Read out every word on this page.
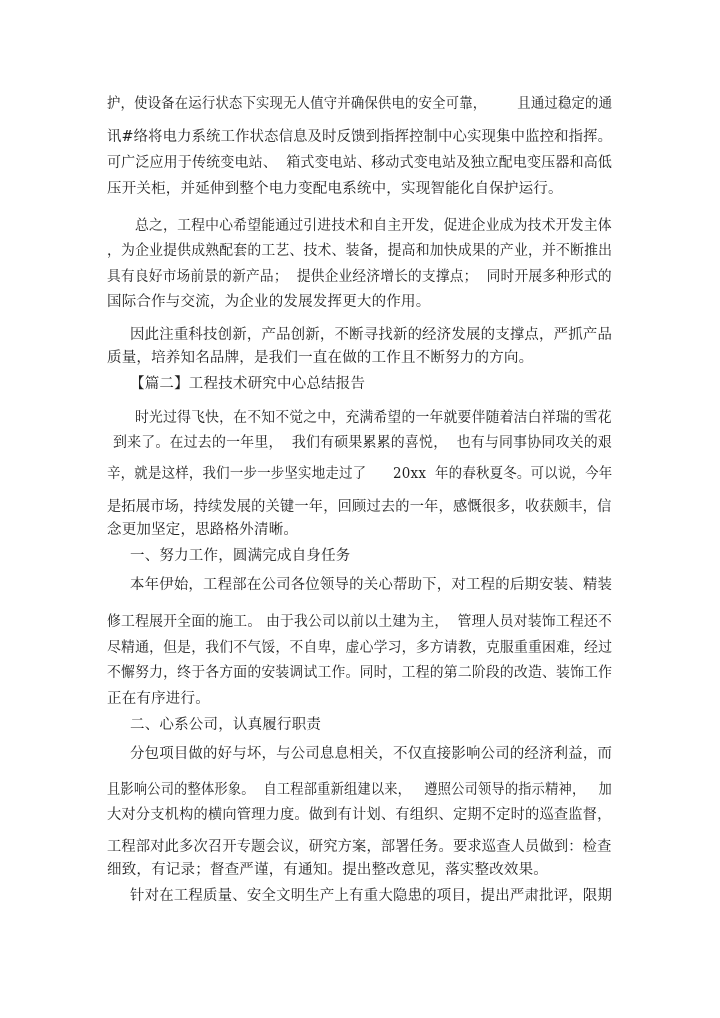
护，使设备在运行状态下实现无人值守并确保供电的安全可靠，       且通过稳定的通
讯#络将电力系统工作状态信息及时反馈到指挥控制中心实现集中监控和指挥。
可广泛应用于传统变电站、  箱式变电站、移动式变电站及独立配电变压器和高低
压开关柜，并延伸到整个电力变配电系统中，实现智能化自保护运行。
总之，工程中心希望能通过引进技术和自主开发，促进企业成为技术开发主体
，为企业提供成熟配套的工艺、技术、装备，提高和加快成果的产业，并不断推出
具有良好市场前景的新产品；  提供企业经济增长的支撑点；  同时开展多种形式的
国际合作与交流，为企业的发展发挥更大的作用。
因此注重科技创新，产品创新，不断寻找新的经济发展的支撑点，严抓产品
质量，培养知名品牌，是我们一直在做的工作且不断努力的方向。
【篇二】工程技术研究中心总结报告
时光过得飞快，在不知不觉之中，充满希望的一年就要伴随着洁白祥瑞的雪花
到来了。在过去的一年里，  我们有硕果累累的喜悦，  也有与同事协同攻关的艰
辛，就是这样，我们一步一步坚实地走过了      20xx  年的春秋夏冬。可以说，今年
是拓展市场，持续发展的关键一年，回顾过去的一年，感慨很多，收获颇丰，信
念更加坚定，思路格外清晰。
一、努力工作，圆满完成自身任务
本年伊始，工程部在公司各位领导的关心帮助下，对工程的后期安装、精装
修工程展开全面的施工。 由于我公司以前以土建为主，  管理人员对装饰工程还不
尽精通，但是，我们不气馁，不自卑，虚心学习，多方请教，克服重重困难，经过
不懈努力，终于各方面的安装调试工作。同时，工程的第二阶段的改造、装饰工作
正在有序进行。
二、心系公司，认真履行职责
分包项目做的好与坏，与公司息息相关，不仅直接影响公司的经济利益，而
且影响公司的整体形象。  自工程部重新组建以来，   遵照公司领导的指示精神，   加
大对分支机构的横向管理力度。做到有计划、有组织、定期不定时的巡查监督，
工程部对此多次召开专题会议，研究方案，部署任务。要求巡查人员做到：检查
细致，有记录；督查严谨，有通知。提出整改意见，落实整改效果。
针对在工程质量、安全文明生产上有重大隐患的项目，提出严肃批评，限期
